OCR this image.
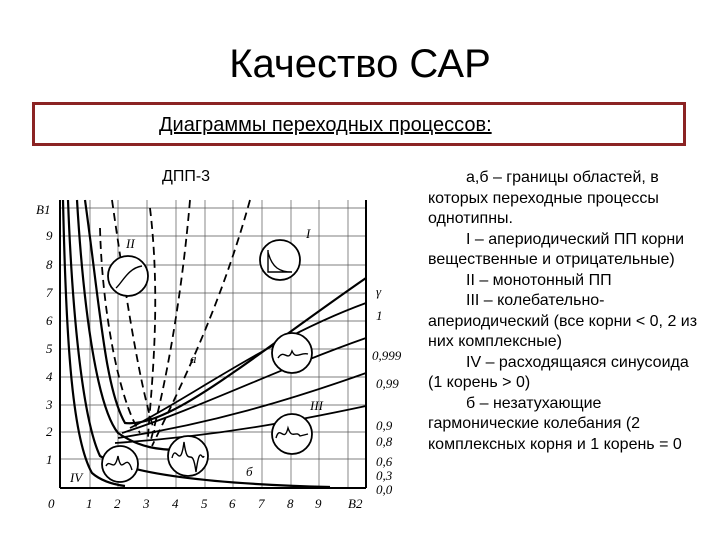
Качество САР
Диаграммы переходных процессов:
ДПП-3
B1
B2
0
9
8
7
6
5
4
3
2
1
1 2 3 4 5 6 7 8 9
γ
1
0,999
0,99
0,9
0,8
0,6
0,3
0,0
I
II
III
IV
a
б

а,б – границы областей, в которых переходные процессы однотипны.

I – апериодический ПП корни вещественные и отрицательные)

II – монотонный ПП

III – колебательно-апериодический (все корни < 0, 2 из них комплексные)

IV – расходящаяся синусоида (1 корень > 0)

б – незатухающие гармонические колебания (2 комплексных корня и 1 корень = 0
